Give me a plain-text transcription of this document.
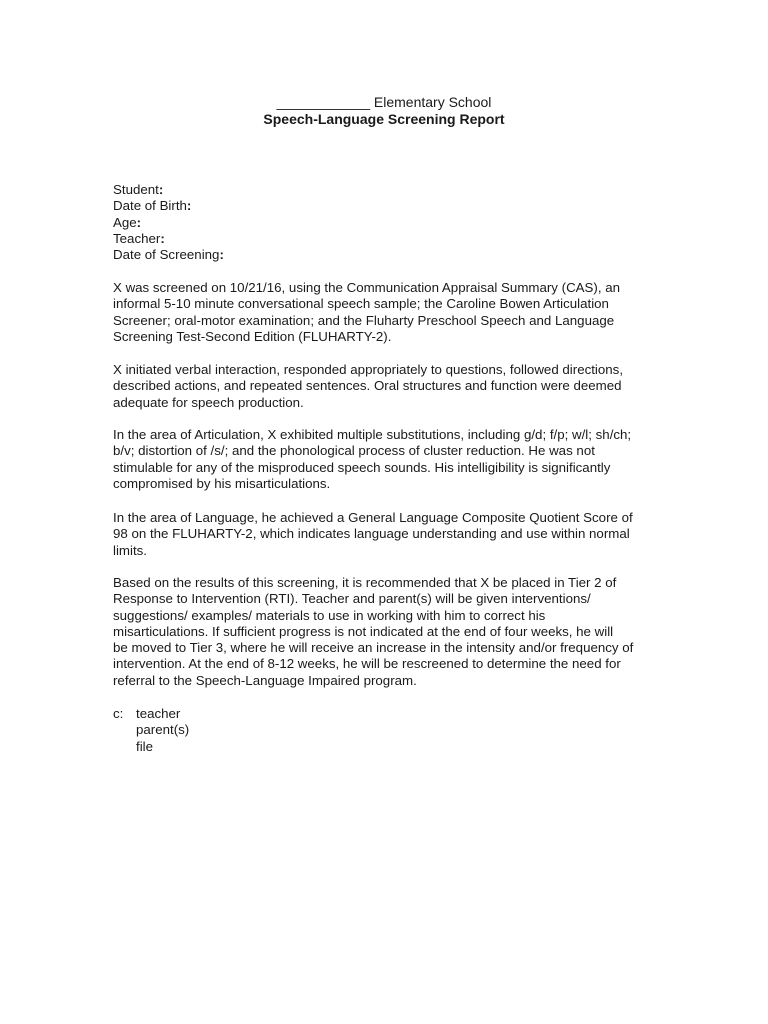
____________ Elementary School
Speech-Language Screening Report
Student:
Date of Birth:
Age:
Teacher:
Date of Screening:
X was screened on 10/21/16, using the Communication Appraisal Summary (CAS), an
informal 5-10 minute conversational speech sample; the Caroline Bowen Articulation
Screener; oral-motor examination; and the Fluharty Preschool Speech and Language
Screening Test-Second Edition (FLUHARTY-2).
X initiated verbal interaction, responded appropriately to questions, followed directions,
described actions, and repeated sentences. Oral structures and function were deemed
adequate for speech production.
In the area of Articulation, X exhibited multiple substitutions, including g/d; f/p; w/l; sh/ch;
b/v; distortion of /s/; and the phonological process of cluster reduction. He was not
stimulable for any of the misproduced speech sounds. His intelligibility is significantly
compromised by his misarticulations.
In the area of Language, he achieved a General Language Composite Quotient Score of
98 on the FLUHARTY-2, which indicates language understanding and use within normal
limits.
Based on the results of this screening, it is recommended that X be placed in Tier 2 of
Response to Intervention (RTI). Teacher and parent(s) will be given interventions/
suggestions/ examples/ materials to use in working with him to correct his
misarticulations. If sufficient progress is not indicated at the end of four weeks, he will
be moved to Tier 3, where he will receive an increase in the intensity and/or frequency of
intervention. At the end of 8-12 weeks, he will be rescreened to determine the need for
referral to the Speech-Language Impaired program.
c: teacher
parent(s)
file
